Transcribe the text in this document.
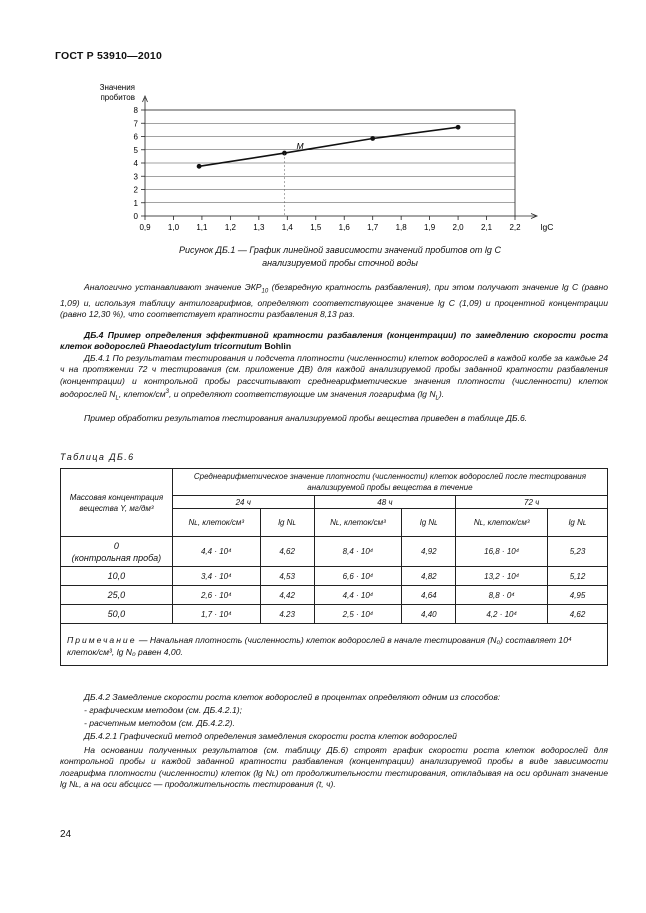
ГОСТ Р 53910—2010
0
1
2
3
4
5
6
7
8
0,9 1,0 1,1 1,2 1,3 1,4 1,5 1,6 1,7 1,8 1,9 2,0 2,1 2,2 lgC
Значения
пробитов
M
Рисунок ДБ.1 — График линейной зависимости значений пробитов от lg C
анализируемой пробы сточной воды
Аналогично устанавливают значение $ЭКР_{10}$ (безвредную кратность разбавления), при этом получают значение lg С (равно 1,09) и, используя таблицу антилогарифмов, определяют соответствующее значение lg С (1,09) и процентной концентрации (равно 12,30 %), что соответствует кратности разбавления 8,13 раз.
ДБ.4 Пример определения эффективной кратности разбавления (концентрации) по замедлению скорости роста клеток водорослей Phaeodactylum tricornutum Bohlin
ДБ.4.1 По результатам тестирования и подсчета плотности (численности) клеток водорослей в каждой колбе за каждые 24 ч на протяжении 72 ч тестирования (см. приложение ДВ) для каждой анализируемой пробы заданной кратности разбавления (концентрации) и контрольной пробы рассчитывают среднеарифметические значения плотности (численности) клеток водорослей $N_L$, клеток/$см^3$, и определяют соответствующие им значения логарифма (lg $N_L$).
Пример обработки результатов тестирования анализируемой пробы вещества приведен в таблице ДБ.6.
Таблица ДБ.6
Массовая концентрация вещества Y, мг/дм³	Среднеарифметическое значение плотности (численности) клеток водорослей после тестирования анализируемой пробы вещества в течение					
	24 ч		48 ч		72 ч	
	Nʟ, клеток/см³	lg Nʟ	Nʟ, клеток/см³	lg Nʟ	Nʟ, клеток/см³	lg Nʟ

0
(контрольная проба)	4,4 · 10⁴	4,62	8,4 · 10⁴	4,92	16,8 · 10⁴	5,23
10,0	3,4 · 10⁴	4,53	6,6 · 10⁴	4,82	13,2 · 10⁴	5,12
25,0	2,6 · 10⁴	4,42	4,4 · 10⁴	4,64	8,8 · 0⁴	4,95
50,0	1,7 · 10⁴	4.23	2,5 · 10⁴	4,40	4,2 · 10⁴	4,62
Примечание — Начальная плотность (численность) клеток водорослей в начале тестирования (N₀) составляет 10⁴ клеток/см³, lg N₀ равен 4,00.						
ДБ.4.2 Замедление скорости роста клеток водорослей в процентах определяют одним из способов:
- графическим методом (см. ДБ.4.2.1);
- расчетным методом (см. ДБ.4.2.2).
ДБ.4.2.1 Графический метод определения замедления скорости роста клеток водорослей
На основании полученных результатов (см. таблицу ДБ.6) строят график скорости роста клеток водорослей для контрольной пробы и каждой заданной кратности разбавления (концентрации) анализируемой пробы в виде зависимости логарифма плотности (численности) клеток (lg Nʟ) от продолжительности тестирования, откладывая на оси ординат значение lg Nʟ, а на оси абсцисс — продолжительность тестирования (t, ч).
24
